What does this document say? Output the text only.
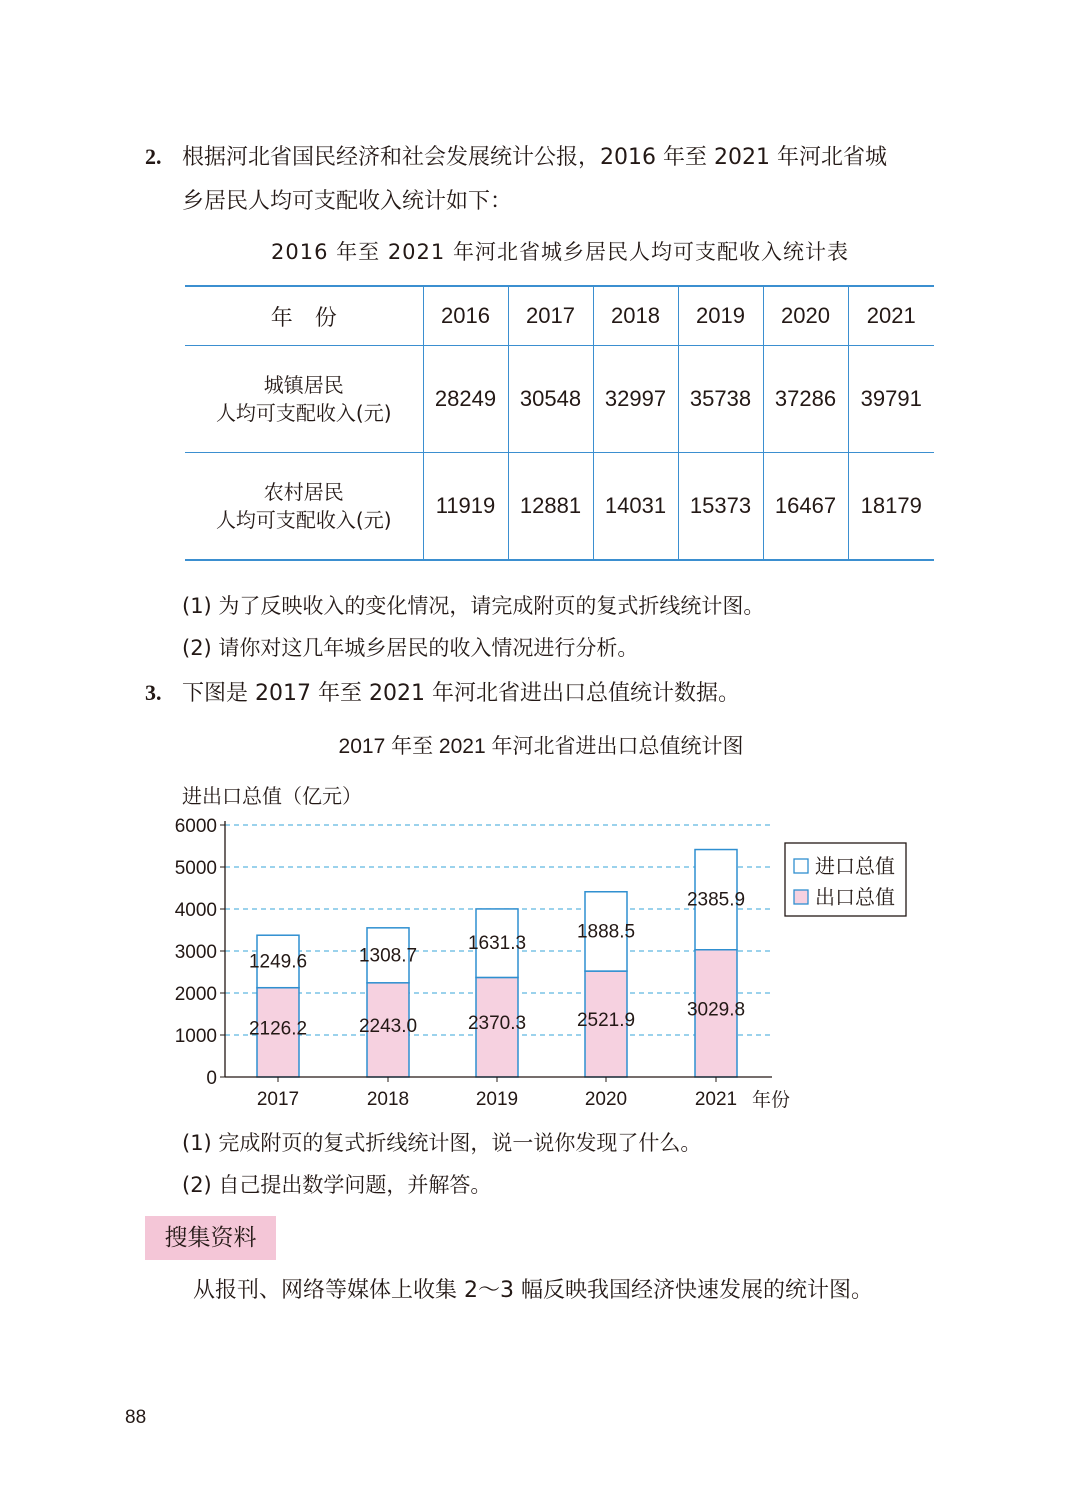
2. 根据河北省国民经济和社会发展统计公报，2016 年至 2021 年河北省城
乡居民人均可支配收入统计如下：
2016 年至 2021 年河北省城乡居民人均可支配收入统计表
年　份	2016	2017	2018	2019	2020	2021

城镇居民
人均可支配收入(元)	28249	30548	32997	35738	37286	39791

农村居民
人均可支配收入(元)	11919	12881	14031	15373	16467	18179
(1) 为了反映收入的变化情况，请完成附页的复式折线统计图。
(2) 请你对这几年城乡居民的收入情况进行分析。
3. 下图是 2017 年至 2021 年河北省进出口总值统计数据。
2017 年至 2021 年河北省进出口总值统计图
进出口总值（亿元）
年份
0
1000
2000
3000
4000
5000
6000
2017	2018	2019	2020	2021
2126.2
1249.6
2243.0
1308.7
2370.3
1631.3
2521.9
1888.5
3029.8
2385.9
进口总值
出口总值
(1) 完成附页的复式折线统计图，说一说你发现了什么。
(2) 自己提出数学问题，并解答。
搜集资料
从报刊、网络等媒体上收集 2～3 幅反映我国经济快速发展的统计图。
88
